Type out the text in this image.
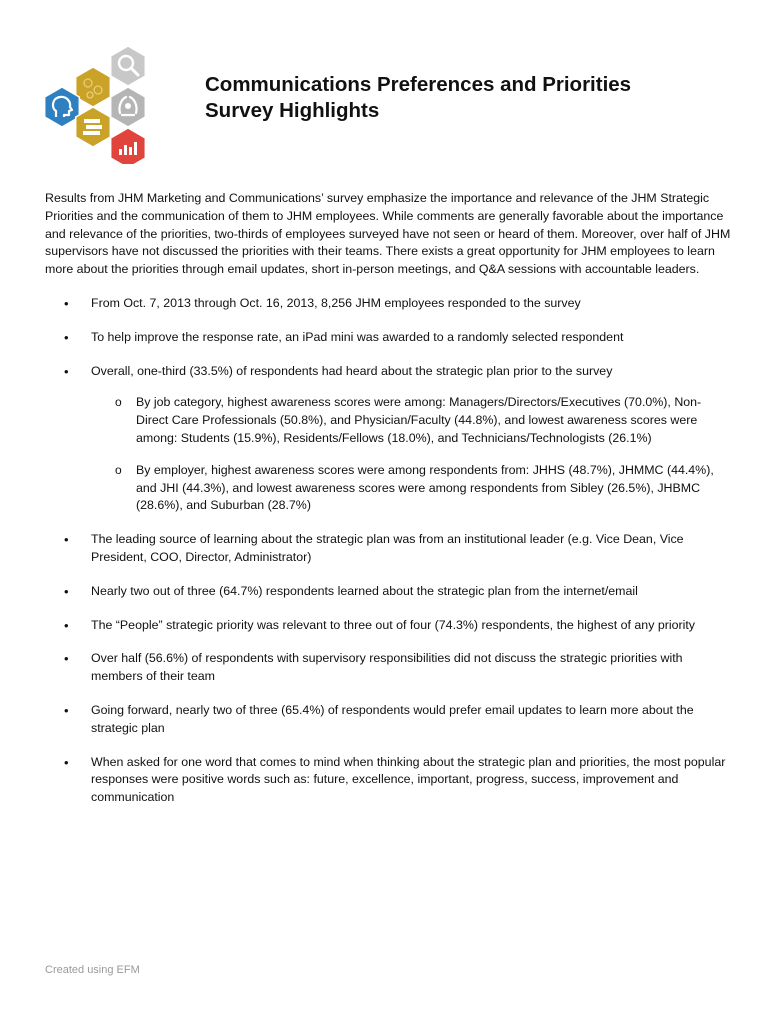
Communications Preferences and Priorities
Survey Highlights

Results from JHM Marketing and Communications’ survey emphasize the importance and relevance of the JHM Strategic Priorities and the communication of them to JHM employees. While comments are generally favorable about the importance and relevance of the priorities, two-thirds of employees surveyed have not seen or heard of them. Moreover, over half of JHM supervisors have not discussed the priorities with their teams. There exists a great opportunity for JHM employees to learn more about the priorities through email updates, short in-person meetings, and Q&A sessions with accountable leaders.

• From Oct. 7, 2013 through Oct. 16, 2013, 8,256 JHM employees responded to the survey
• To help improve the response rate, an iPad mini was awarded to a randomly selected respondent
• Overall, one-third (33.5%) of respondents had heard about the strategic plan prior to the survey
o By job category, highest awareness scores were among: Managers/Directors/Executives (70.0%), Non-Direct Care Professionals (50.8%), and Physician/Faculty (44.8%), and lowest awareness scores were among: Students (15.9%), Residents/Fellows (18.0%), and Technicians/Technologists (26.1%)
o By employer, highest awareness scores were among respondents from: JHHS (48.7%), JHMMC (44.4%), and JHI (44.3%), and lowest awareness scores were among respondents from Sibley (26.5%), JHBMC (28.6%), and Suburban (28.7%)
• The leading source of learning about the strategic plan was from an institutional leader (e.g. Vice Dean, Vice President, COO, Director, Administrator)
• Nearly two out of three (64.7%) respondents learned about the strategic plan from the internet/email
• The “People” strategic priority was relevant to three out of four (74.3%) respondents, the highest of any priority
• Over half (56.6%) of respondents with supervisory responsibilities did not discuss the strategic priorities with members of their team
• Going forward, nearly two of three (65.4%) of respondents would prefer email updates to learn more about the strategic plan
• When asked for one word that comes to mind when thinking about the strategic plan and priorities, the most popular responses were positive words such as: future, excellence, important, progress, success, improvement and communication
Created using EFM
